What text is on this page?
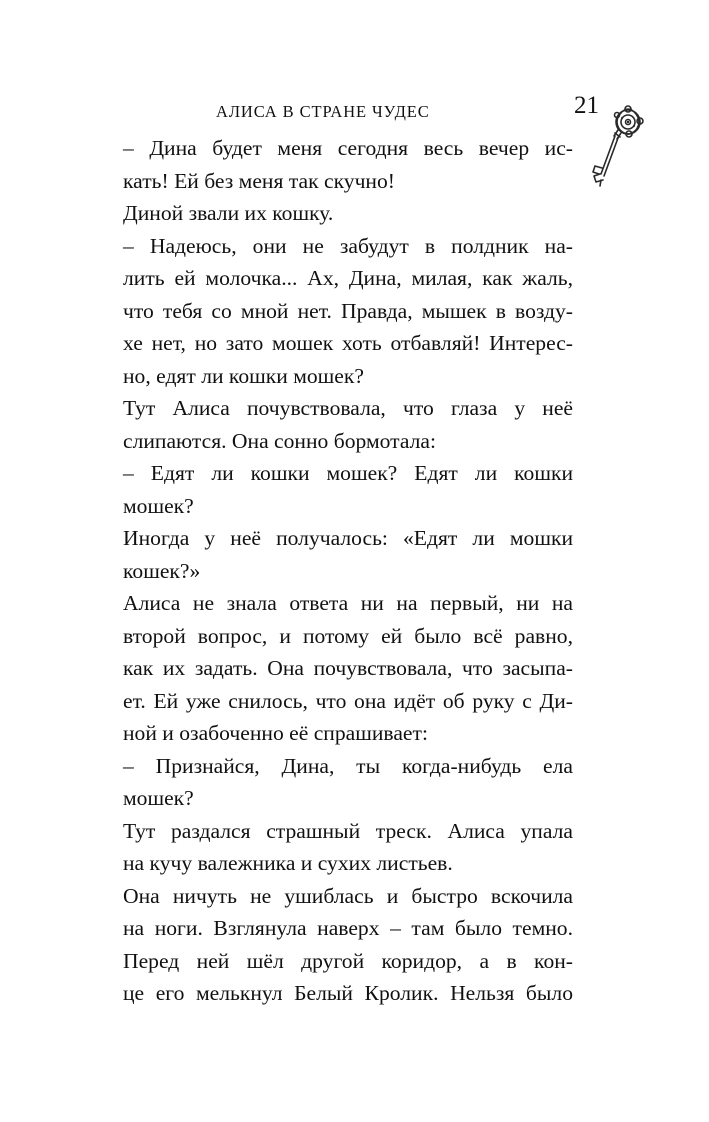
АЛИСА В СТРАНЕ ЧУДЕС	21
– Дина будет меня сегодня весь вечер ис-
кать! Ей без меня так скучно!
Диной звали их кошку.
– Надеюсь, они не забудут в полдник на-
лить ей молочка... Ах, Дина, милая, как жаль,
что тебя со мной нет. Правда, мышек в возду-
хе нет, но зато мошек хоть отбавляй! Интерес-
но, едят ли кошки мошек?
Тут Алиса почувствовала, что глаза у неё
слипаются. Она сонно бормотала:
– Едят ли кошки мошек? Едят ли кошки
мошек?
Иногда у неё получалось: «Едят ли мошки
кошек?»
Алиса не знала ответа ни на первый, ни на
второй вопрос, и потому ей было всё равно,
как их задать. Она почувствовала, что засыпа-
ет. Ей уже снилось, что она идёт об руку с Ди-
ной и озабоченно её спрашивает:
– Признайся, Дина, ты когда-нибудь ела
мошек?
Тут раздался страшный треск. Алиса упала
на кучу валежника и сухих листьев.
Она ничуть не ушиблась и быстро вскочила
на ноги. Взглянула наверх – там было темно.
Перед ней шёл другой коридор, а в кон-
це его мелькнул Белый Кролик. Нельзя было
